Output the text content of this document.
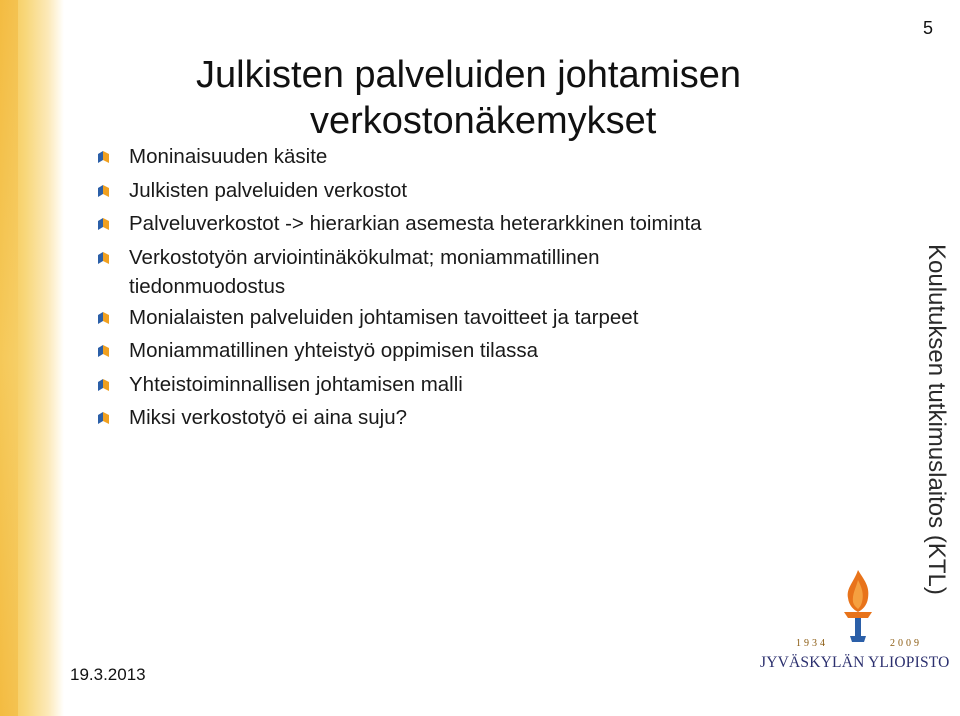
5
Julkisten palveluiden johtamisen
verkostonäkemykset
Moninaisuuden käsite
Julkisten palveluiden verkostot
Palveluverkostot -> hierarkian asemesta heterarkkinen toiminta
Verkostotyön arviointinäkökulmat; moniammatillinen tiedonmuodostus
Monialaisten palveluiden johtamisen tavoitteet ja tarpeet
Moniammatillinen yhteistyö oppimisen tilassa
Yhteistoiminnallisen johtamisen malli
Miksi verkostotyö ei aina suju?	Koulutuksen tutkimuslaitos (KTL)
19.3.2013
1934	2009
JYVÄSKYLÄN YLIOPISTO
